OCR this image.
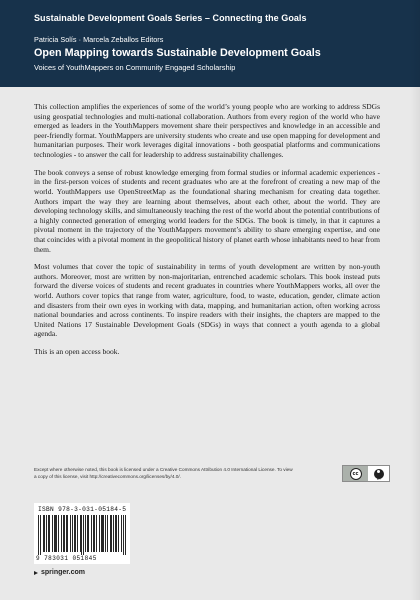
Sustainable Development Goals Series – Connecting the Goals
Patricia Solís · Marcela Zeballos Editors
Open Mapping towards Sustainable Development Goals
Voices of YouthMappers on Community Engaged Scholarship

This collection amplifies the experiences of some of the world’s young people who are working to address SDGs using geospatial technologies and multi-national collaboration. Authors from every region of the world who have emerged as leaders in the YouthMappers movement share their perspectives and knowledge in an accessible and peer-friendly format. YouthMappers are university students who create and use open mapping for development and humanitarian purposes. Their work leverages digital innovations - both geospatial platforms and communications technologies - to answer the call for leadership to address sustainability challenges.

The book conveys a sense of robust knowledge emerging from formal studies or informal academic experiences - in the first-person voices of students and recent graduates who are at the forefront of creating a new map of the world. YouthMappers use OpenStreetMap as the foundational sharing mechanism for creating data together. Authors impart the way they are learning about themselves, about each other, about the world. They are developing technology skills, and simultaneously teaching the rest of the world about the potential contributions of a highly connected generation of emerging world leaders for the SDGs. The book is timely, in that it captures a pivotal moment in the trajectory of the YouthMappers movement’s ability to share emerging expertise, and one that coincides with a pivotal moment in the geopolitical history of planet earth whose inhabitants need to hear from them.

Most volumes that cover the topic of sustainability in terms of youth development are written by non-youth authors. Moreover, most are written by non-majoritarian, entrenched academic scholars. This book instead puts forward the diverse voices of students and recent graduates in countries where YouthMappers works, all over the world. Authors cover topics that range from water, agriculture, food, to waste, education, gender, climate action and disasters from their own eyes in working with data, mapping, and humanitarian action, often working across national boundaries and across continents. To inspire readers with their insights, the chapters are mapped to the United Nations 17 Sustainable Development Goals (SDGs) in ways that connect a youth agenda to a global agenda.

This is an open access book.

Except where otherwise noted, this book is licensed under a Creative Commons Attribution 4.0 International License. To view a copy of this license, visit http://creativecommons.org/licenses/by/4.0/.	cc
BY
ISBN 978-3-031-05184-5
9 783031 051845
springer.com
